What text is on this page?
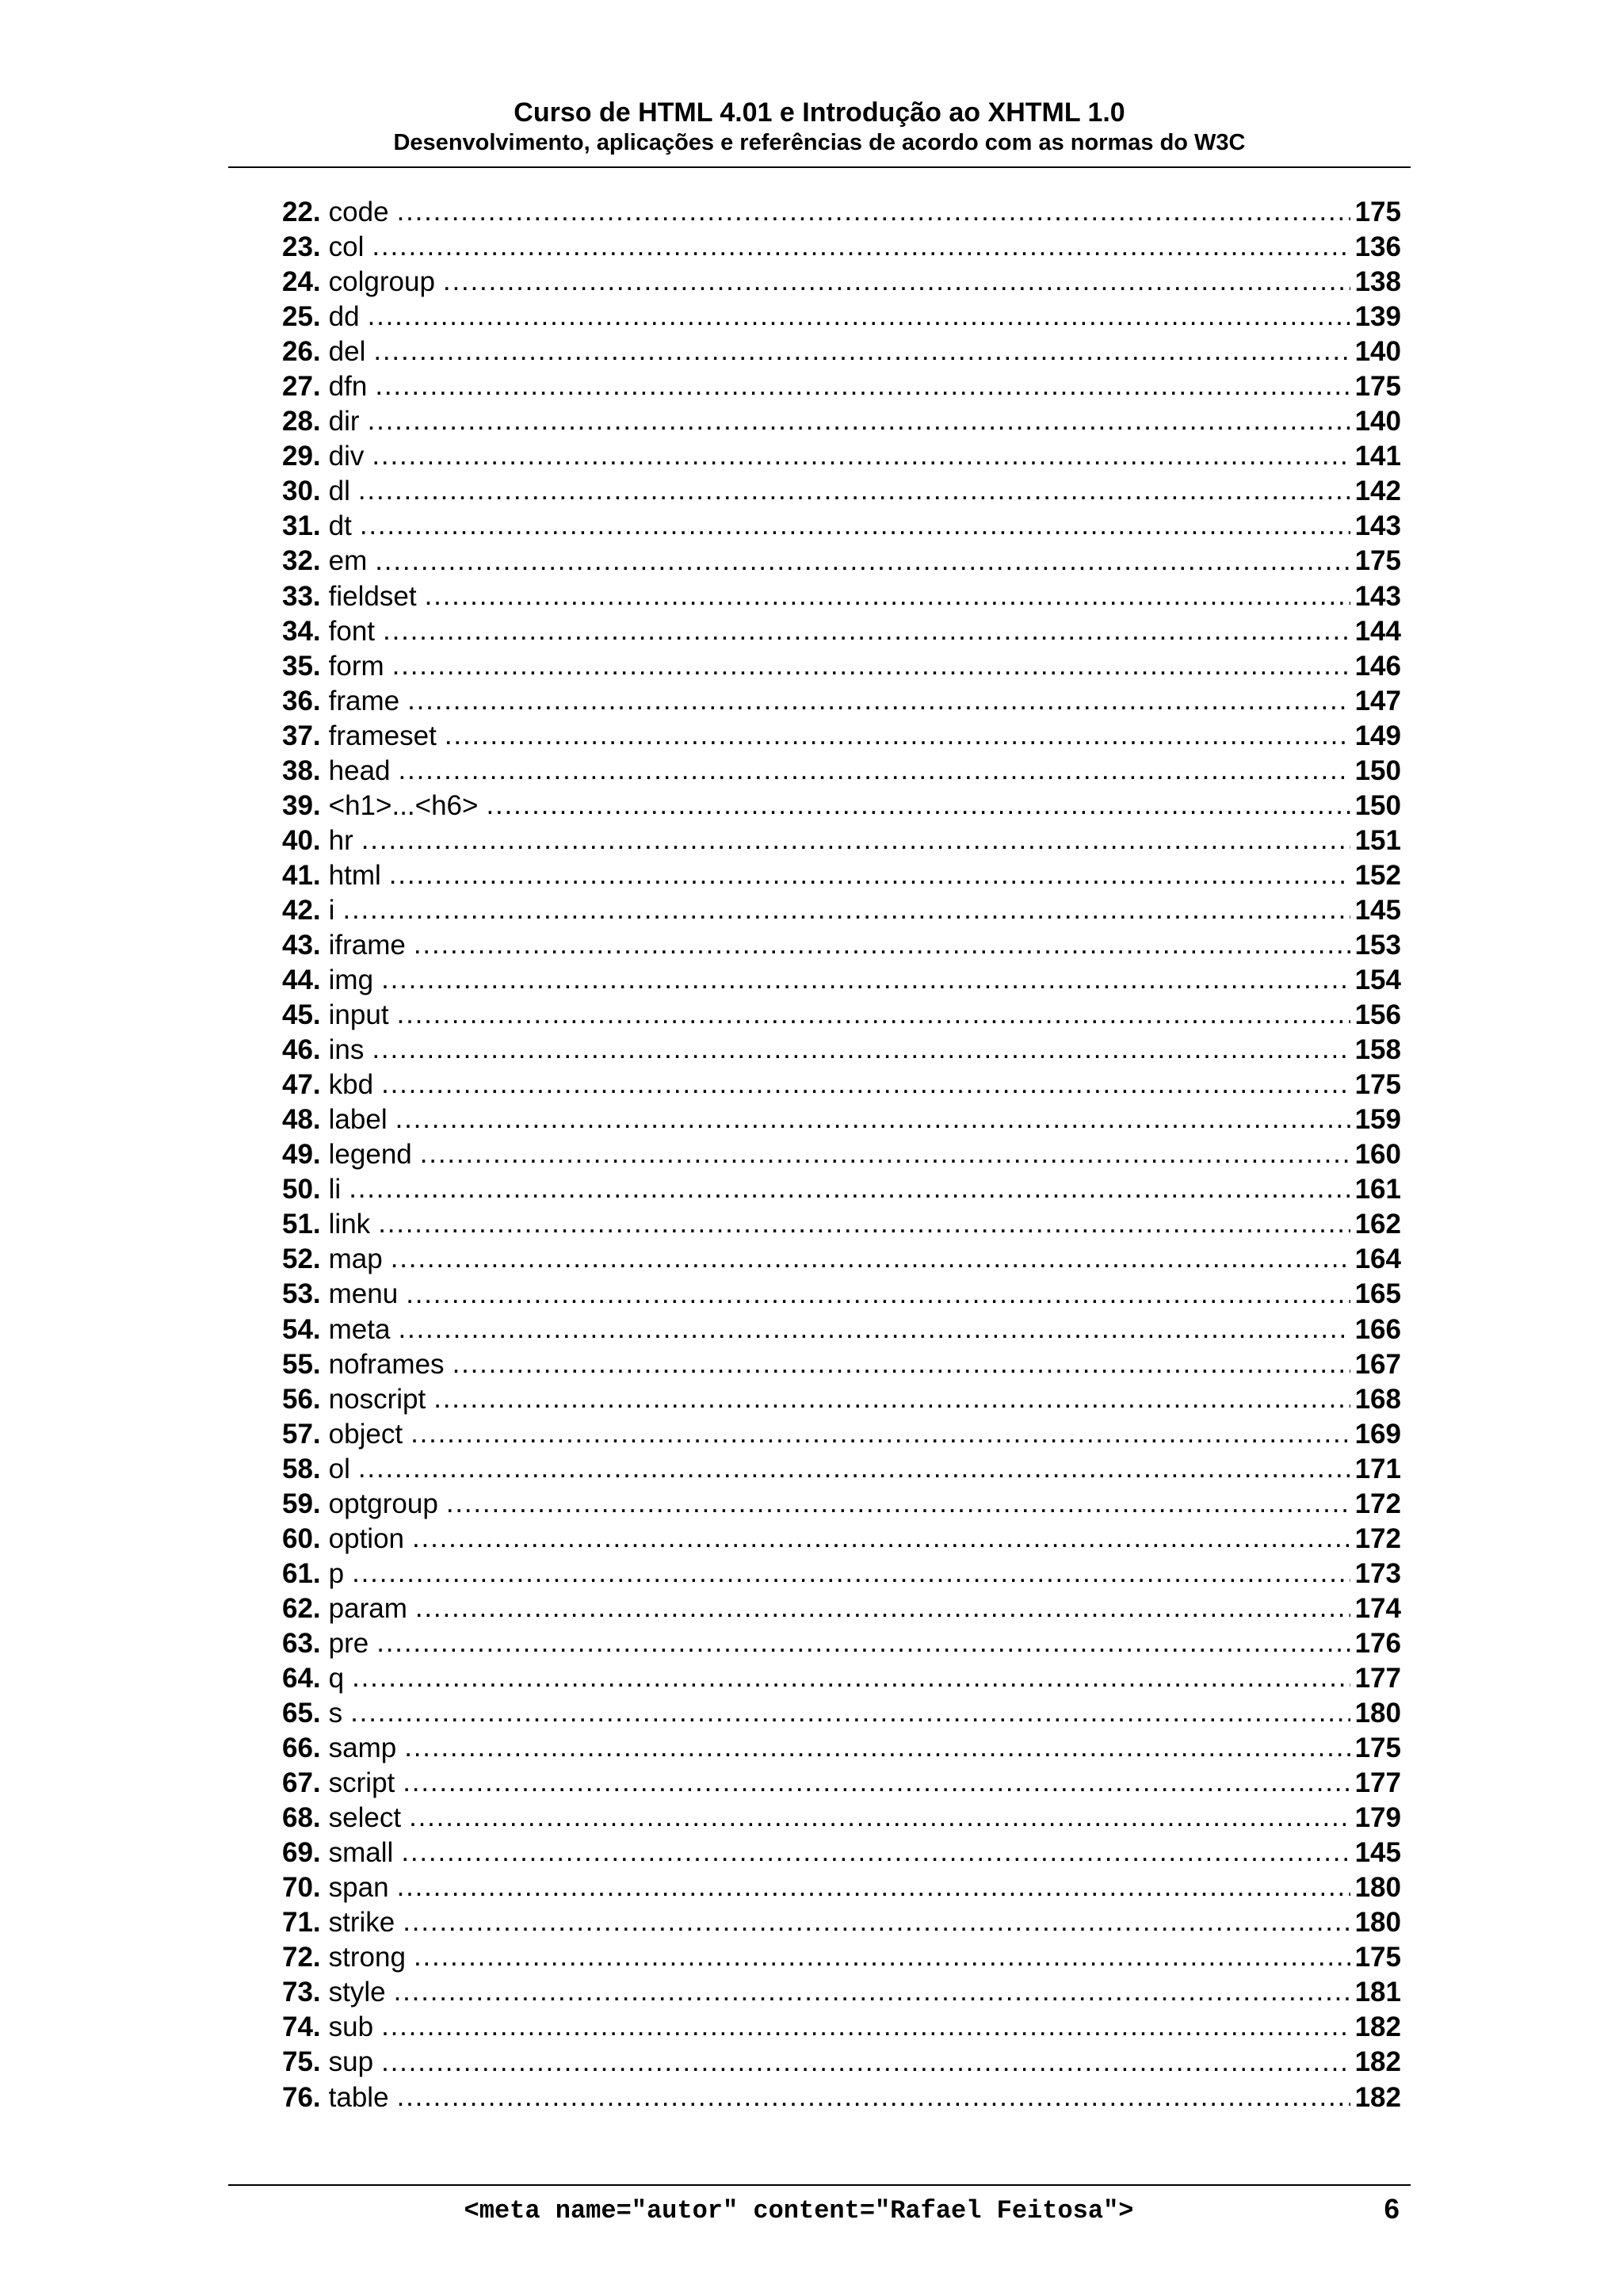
Curso de HTML 4.01 e Introdução ao XHTML 1.0
Desenvolvimento, aplicações e referências de acordo com as normas do W3C
22. code .....	175
23. col .....	136
24. colgroup .....	138
25. dd .....	139
26. del .....	140
27. dfn .....	175
28. dir .....	140
29. div .....	141
30. dl .....	142
31. dt .....	143
32. em .....	175
33. fieldset .....	143
34. font .....	144
35. form .....	146
36. frame .....	147
37. frameset .....	149
38. head .....	150
39. <h1>...<h6> .....	150
40. hr .....	151
41. html .....	152
42. i .....	145
43. iframe .....	153
44. img .....	154
45. input .....	156
46. ins .....	158
47. kbd .....	175
48. label .....	159
49. legend .....	160
50. li .....	161
51. link .....	162
52. map .....	164
53. menu .....	165
54. meta .....	166
55. noframes .....	167
56. noscript .....	168
57. object .....	169
58. ol .....	171
59. optgroup .....	172
60. option .....	172
61. p .....	173
62. param .....	174
63. pre .....	176
64. q .....	177
65. s .....	180
66. samp .....	175
67. script .....	177
68. select .....	179
69. small .....	145
70. span .....	180
71. strike .....	180
72. strong .....	175
73. style .....	181
74. sub .....	182
75. sup .....	182
76. table .....	182
<meta name="autor" content="Rafael Feitosa">	6
